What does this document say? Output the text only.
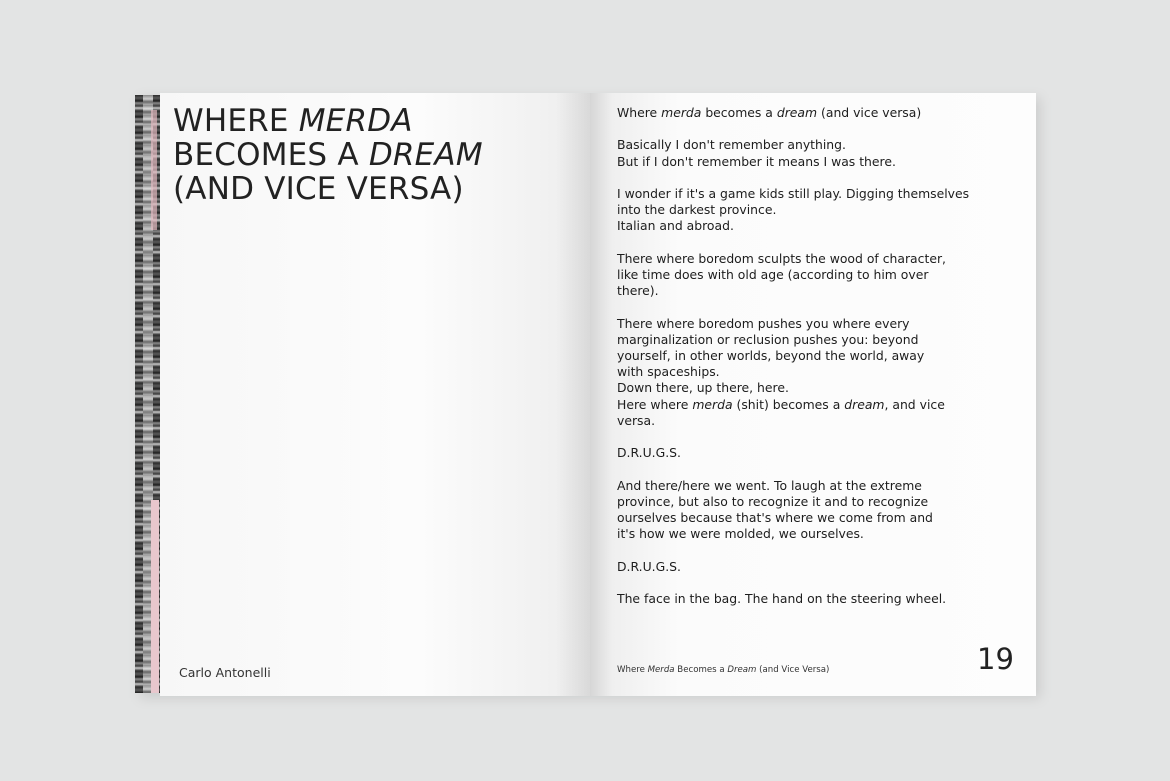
WHERE MERDA
BECOMES A DREAM
(AND VICE VERSA)
Carlo Antonelli

Where merda becomes a dream (and vice versa)

Basically I don't remember anything.
But if I don't remember it means I was there.

I wonder if it's a game kids still play. Digging themselves
into the darkest province.
Italian and abroad.

There where boredom sculpts the wood of character,
like time does with old age (according to him over
there).

There where boredom pushes you where every
marginalization or reclusion pushes you: beyond
yourself, in other worlds, beyond the world, away
with spaceships.
Down there, up there, here.
Here where merda (shit) becomes a dream, and vice
versa.

D.R.U.G.S.

And there/here we went. To laugh at the extreme
province, but also to recognize it and to recognize
ourselves because that's where we come from and
it's how we were molded, we ourselves.

D.R.U.G.S.

The face in the bag. The hand on the steering wheel.

Where Merda Becomes a Dream (and Vice Versa)	19
